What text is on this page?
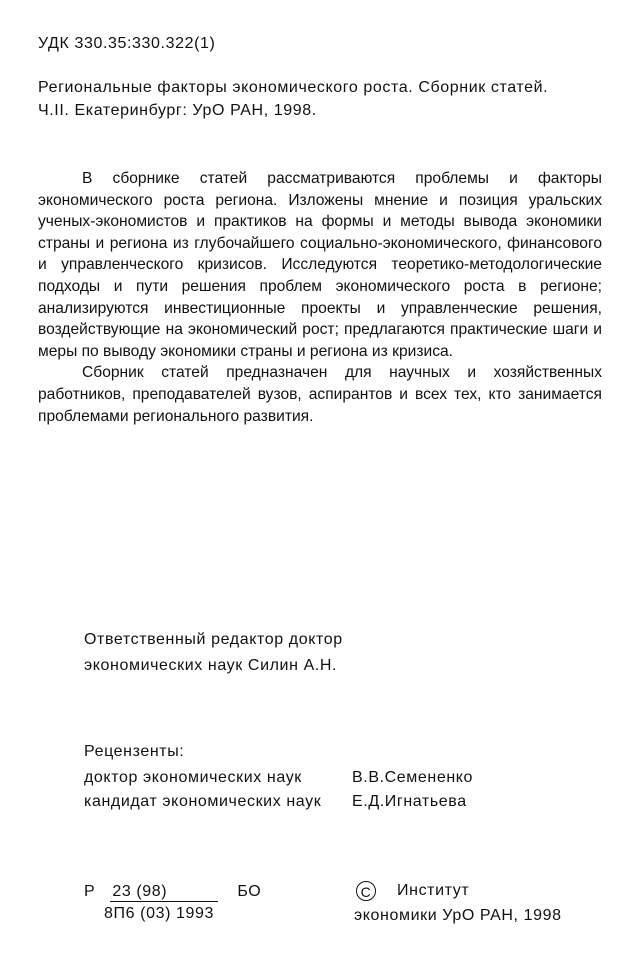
УДК 330.35:330.322(1)
Региональные факторы экономического роста. Сборник статей.
Ч.II. Екатеринбург: УрО РАН, 1998.

В сборнике статей рассматриваются проблемы и факторы экономического роста региона. Изложены мнение и позиция уральских ученых-экономистов и практиков на формы и методы вывода экономики страны и региона из глубочайшего социально-экономического, финансового и управленческого кризисов. Исследуются теоретико-методологические подходы и пути решения проблем экономического роста в регионе; анализируются инвестиционные проекты и управленческие решения, воздействующие на экономический рост; предлагаются практические шаги и меры по выводу экономики страны и региона из кризиса.

Сборник статей предназначен для научных и хозяйственных работников, преподавателей вузов, аспирантов и всех тех, кто занимается проблемами регионального развития.

Ответственный редактор доктор
экономических наук Силин А.Н.
Рецензенты:
доктор экономических наук	В.В.Семененко
кандидат экономических наук Е.Д.Игнатьева
Р 23 (98)	БО
8П6 (03) 1993
C Институт
экономики УрО РАН, 1998
